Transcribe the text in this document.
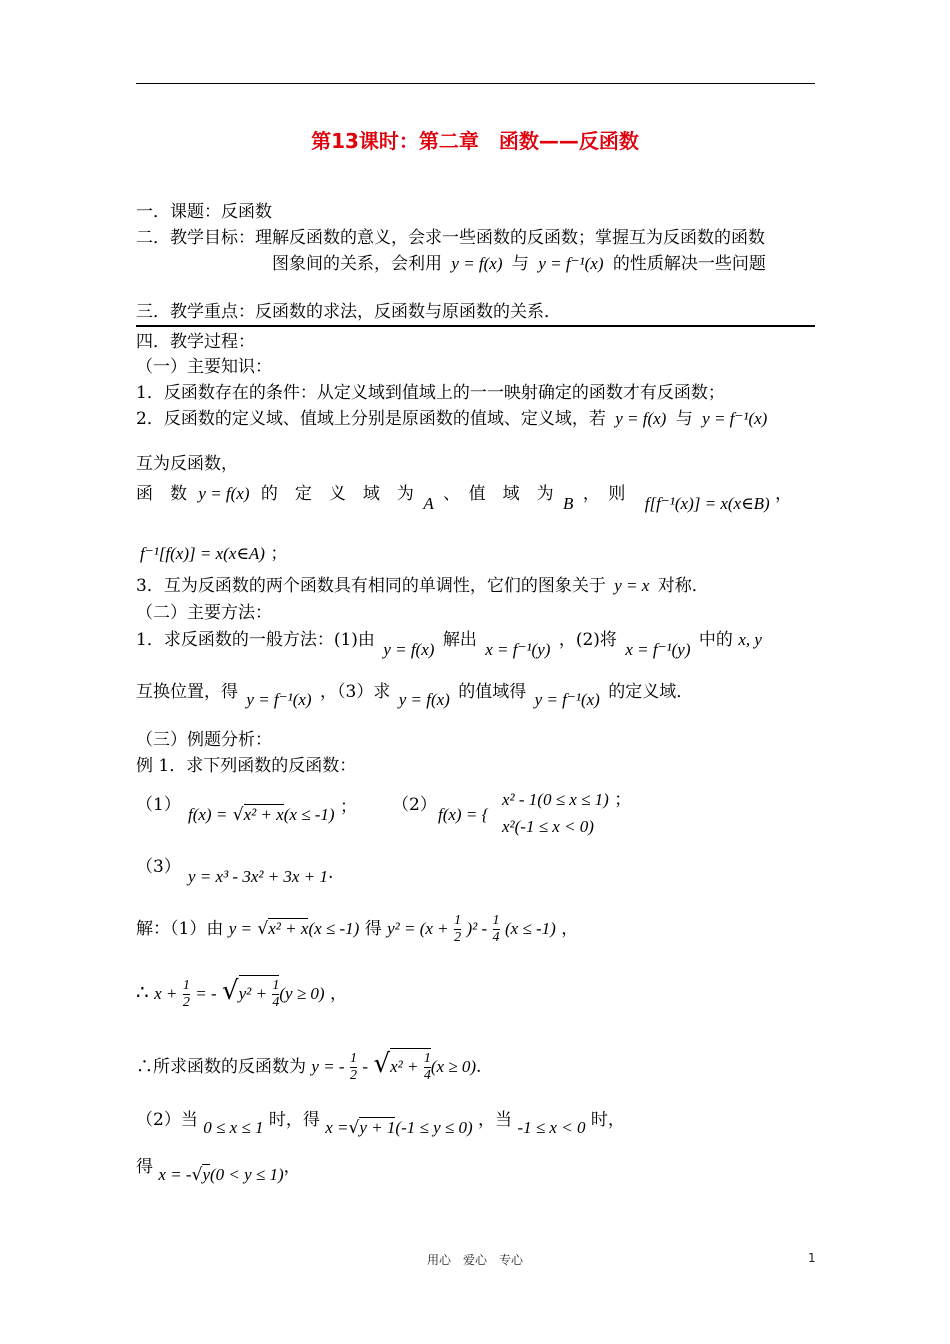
第13课时：第二章　函数——反函数
一．课题：反函数
二．教学目标：理解反函数的意义，会求一些函数的反函数；掌握互为反函数的函数
图象间的关系，会利用 y = f(x) 与 y = f⁻¹(x) 的性质解决一些问题
三．教学重点：反函数的求法，反函数与原函数的关系．
四．教学过程：
（一）主要知识：
1．反函数存在的条件：从定义域到值域上的一一映射确定的函数才有反函数；
2．反函数的定义域、值域上分别是原函数的值域、定义域，若 y = f(x) 与 y = f⁻¹(x)
互为反函数，
函　数 y = f(x) 的　定　义　域　为 A 、　值　域　为 B ，　则 f[f⁻¹(x)] = x(x∈B) ，
f⁻¹[f(x)] = x(x∈A) ；
3．互为反函数的两个函数具有相同的单调性，它们的图象关于 y = x 对称．
（二）主要方法：
1．求反函数的一般方法：(1)由 y = f(x) 解出 x = f⁻¹(y) ，(2)将 x = f⁻¹(y) 中的 x, y
互换位置，得 y = f⁻¹(x) ，（3）求 y = f(x) 的值域得 y = f⁻¹(x) 的定义域．
（三）例题分析：
例 1．求下列函数的反函数：
（1） f(x) = √x² + x(x ≤ -1) ； （2） f(x) = {
x² - 1(0 ≤ x ≤ 1) ；
x²(-1 ≤ x < 0)
（3） y = x³ - 3x² + 3x + 1.
解：（1）由 y = √x² + x(x ≤ -1) 得 $y^2 = (x + \frac{1}{2} )^2 - \frac{1}{4} (x \le -1)$ ，
∴ $x + \frac{1}{2}$ = - $√y^2 + \frac{1}{4} (y \ge 0)$ ，
∴所求函数的反函数为 y = - $\frac{1}{2} - √x^2 + \frac{1}{4} (x \ge 0)$.
（2）当 0 ≤ x ≤ 1 时，得 x =√y + 1(-1 ≤ y ≤ 0) ，当 -1 ≤ x < 0 时，
得 x = -√y(0 < y ≤ 1)，
用心　爱心　专心	1
